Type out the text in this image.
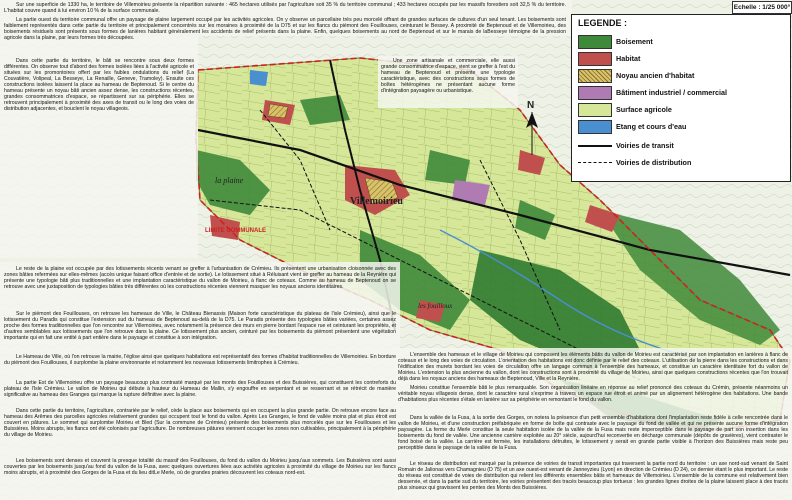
N
Villemoirieu
la plaine
LIMITE COMMUNALE
les fouilloux
Echelle : 1/25 000°
LEGENDE :
Boisement
Habitat
Noyau ancien d'habitat
Bâtiment industriel / commercial
Surface agricole
Etang et cours d'eau
Voiries de transit
Voiries de distribution

Sur une superficie de 1330 ha, le territoire de Villemoirieu présente la répartition suivante : 465 hectares utilisés par l'agriculture soit 35 % du territoire communal ; 433 hectares occupés par les massifs forestiers soit 32,5 % du territoire. L'habitat couvre quand à lui environ 10 % de la surface communale.

La partie ouest du territoire communal offre un paysage de plaine largement occupé par les activités agricoles. On y observe un parcellaire très peu morcelé offrant de grandes surfaces de cultures d'un seul tenant. Les boisements sont faiblement représentés dans cette partie du territoire et principalement concentrés sur les moraines à proximité de la D75 et sur les flancs du piémont des Fouillouses, ceinturant le Bessey. A proximité de Beptenoud et de Villemoirieu, des boisements résiduels sont présents sous formes de lanières habitant généralement les accidents de relief présents dans la plaine. Enfin, quelques boisements au nord de Beptenoud et sur le marais de laBesseye témoigne de la pression agricole dans la plaine, par leurs formes très découpées.

Dans cette partie du territoire, le bâti se rencontre sous deux formes différentes. On observe tout d'abord des formes isolées liées à l'activité agricole et situées sur les promontoires offert par les faibles ondulations du relief (La Couvatière, Volipeal, La Besseye, La Renaille, Geneve, Tramoley). Ensuite ces constructions isolées laissent la place au hameau de Beptenoud. Si le centre du hameau présente un noyau bâti ancien assez dense, les constructions récentes, grandes consommatrices d'espace, se répartissent sur sa périphérie. Elles se retrouvent principalement à proximité des axes de transit ou le long des voies de distribution adjacentes, et bouclent le noyau villageois.

Une zone artisanale et commerciale, elle aussi grande consommatrice d'espace, vient se greffer à l'est du hameau de Beptenoud et présente une typologie caractéristique, avec des constructions sous formes de boîtes hétérogènes ne présentant aucune forme d'intégration paysagère ou urbanistique.

Le reste de la plaine est occupée par des lotissements récents venant se greffer à l'urbanisation de Crémieu. Ils présentent une urbanisation cloisonnée avec des zones bâties refermées sur elles-mêmes (accès unique faisant office d'entrée et de sortie). Le lotissement situé à Réluisant vient se greffer au hameau de la Reynière qui présente une typologie bâti plus traditionnelles et une implantation caractéristique du vallon de Moirieu, à flanc de coteaux. Comme au hameau de Beptenoud on se retrouve avec une juxtaposition de typologies bâties très différentes où les constructions récentes viennent masquer les noyaux anciens identitaires.

Sur le piémont des Fouillouses, on retrouve les hameaux de Ville, le Château Bienassis (Maison forte caractéristique du plateau de l'isle Crémieu), ainsi que le lotissement du Paradis qui constitue l'extension sud du hameau de Beptenoud au-delà de la D75. Le Paradis présente des typologies bâties variées, certaines assez proche des formes traditionnelles que l'on rencontre sur Villemoirieu, avec notamment la présence des murs en pierre bordant l'espace rue et ceinturant les propriétés, et d'autres semblables aux lotissements que l'on retrouve dans la plaine. Ce lotissement plus ancien, ceinturé par les boisements du piémont présentent une végétation importante qui en fait une entité à part entière dans le paysage et constitue à son intégration.

Le Hameau de Ville, où l'on retrouve la mairie, l'église ainsi que quelques habitations est représentatif des formes d'habitat traditionnelles de Villemoirieu. En bordure du piémont des Fouillouses, il surplombe la plaine environnante et notamment les nouveaux lotissements limitrophes à Crémieu.

La partie Est de Villemoirieu offre un paysage beaucoup plus contrasté marqué par les monts des Fouillouses et des Buissières, qui constituent les contreforts du plateau de l'Isle Crémieu. Le vallon de Moirieu qui débute à hauteur du Hameau de Mallin, s'y engouffre en serpentant et se resserrant et se rétrécit de manière significative au hameau des Granges qui marque la rupture définitive avec la plaine.

Dans cette partie du territoire, l'agriculture, contrariée par le relief, cède la place aux boisements qui en occupent la plus grande partie. On retrouve encore face au hameau des Arêmes des parcelles agricoles relativement grandes qui occupent tout le fond du vallon. Après Les Granges, le fond de vallée moins plat et plus étroit est couvert en pâtures. Le sommet qui surplombe Moirieu et Bled (Sur la commune de Crémieu) présente des boisements plus morcelés que sur les Fouillouses et les Buissières. Moins abrupts, les flancs ont été colonisés par l'agriculture. De nombreuses pâtures viennent occuper les zones non cultivables, principalement à la périphérie du village de Moirieu.

Les boisements sont denses et couvrent la presque totalité du massif des Fouillouses, du fond du vallon du Moirieu jusqu'aux sommets. Les Buissières sont aussi couvertes par les boisements jusqu'au fond du vallon de la Fusa, avec quelques ouvertures liées aux activités agricoles à proximité du village de Moirieu sur les flancs moins abrupts, et à proximité des Gorges de la Fusa et du lieu ditLe Merle, où de grandes prairies découvrent les coteaux nord-est.

L'ensemble des hameaux et le village de Moirieu qui composent les éléments bâtis du vallon de Moirieu est caractérisé par son implantation en lanières à flanc de coteaux et le long des voies de circulation. L'orientation des habitations est donc définie par le relief des coteaux. L'utilisation de la pierre dans les constructions et dans l'édification des murets bordant les voies de circulation offre un langage commun à l'ensemble des hameaux, et constitue un caractère identitaire fort du vallon de Moirieu. L'extension la plus ancienne du vallon, dont les constructions sont à proximité du village de Moirieu, ainsi que quelques constructions récentes que l'on trouvait déjà dans les noyaux anciens des hameaux de Beptenoud, Ville et la Reynière.

Moirieu constitue l'ensemble bâti le plus remarquable. Son organisation linéaire en réponse au relief prononcé des coteaux du Crémin, présente néanmoins un véritable noyau villageois dense, dont le caractère rural s'exprime à travers un espace rue étroit et animé par un alignement hétérogène des habitations. Une bande d'habitations plus récentes s'étale en lanière sur sa périphérie en remontant le fond du vallon.

Dans la vallée de la Fusa, à la sortie des Gorges, on notera la présence d'un petit ensemble d'habitations dont l'implantation reste fidèle à celle rencontrée dans le vallon de Moirieu, et d'une construction préfabriquée en forme de boîte qui contraste avec le paysage du fond de vallée et qui ne présente aucune forme d'intégration paysagère. La ferme du Merle constitue la seule habitation isolée de la vallée de la Fusa mais reste imperceptible dans le paysage de part son insertion dans les boisements du fond de vallée. Une ancienne carrière exploitée au 20° siècle, aujourd'hui reconvertie en décharge communale (dépôts de gravières), vient contraster le fond boisé de la vallée. La carrière est fermée, les installations détruites, le lotissement y serait en grande partie visible à l'horizon des Buissières mais reste peu perceptible dans le paysage de la vallée de la Fusa.

Le réseau de distribution est marqué par la présence de voiries de transit importantes qui traversent la partie nord du territoire : un axe nord-sud venant de Saint Romain de Jalionas vers Chamagnieu (D 75) et un axe ouest-est venant de Janneyzieu (Lyon) en direction de Crémieu (D 24), ce dernier étant le plus important. Le reste du réseau est constitué de voies de distribution qui relient les différents ensembles bâtis et hameaux de Villemoirieu. L'ensemble de la commune est relativement bien desservie, et dans la partie sud du territoire, les voiries présentent des tracés beaucoup plus tortueux : les grandes lignes droites de la plaine laissent place à des tracés plus sinueux qui gravissent les pentes des Monts des Buissières.
